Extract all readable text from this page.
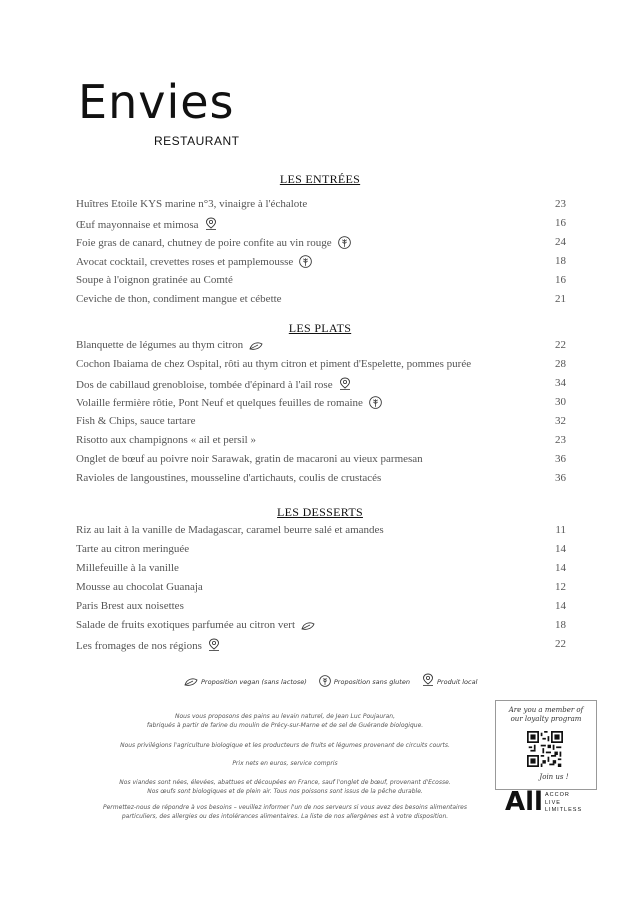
Envies
RESTAURANT
LES ENTRÉES
Huîtres Etoile KYS marine n°3, vinaigre à l'échalote	23
Œuf mayonnaise et mimosa	16
Foie gras de canard, chutney de poire confite au vin rouge	24
Avocat cocktail, crevettes roses et pamplemousse	18
Soupe à l'oignon gratinée au Comté	16
Ceviche de thon, condiment mangue et cébette	21
LES PLATS
Blanquette de légumes au thym citron	22
Cochon Ibaiama de chez Ospital, rôti au thym citron et piment d'Espelette, pommes purée	28
Dos de cabillaud grenobloise, tombée d'épinard à l'ail rose	34
Volaille fermière rôtie, Pont Neuf et quelques feuilles de romaine	30
Fish & Chips, sauce tartare	32
Risotto aux champignons « ail et persil »	23
Onglet de bœuf au poivre noir Sarawak, gratin de macaroni au vieux parmesan	36
Ravioles de langoustines, mousseline d'artichauts, coulis de crustacés	36
LES DESSERTS
Riz au lait à la vanille de Madagascar, caramel beurre salé et amandes	11
Tarte au citron meringuée	14
Millefeuille à la vanille	14
Mousse au chocolat Guanaja	12
Paris Brest aux noisettes	14
Salade de fruits exotiques parfumée au citron vert	18
Les fromages de nos régions	22
Proposition vegan (sans lactose)	Proposition sans gluten	Produit local
Nous vous proposons des pains au levain naturel, de Jean Luc Poujauran,
fabriqués à partir de farine du moulin de Précy-sur-Marne et de sel de Guérande biologique.
Nous privilégions l'agriculture biologique et les producteurs de fruits et légumes provenant de circuits courts.
Prix nets en euros, service compris
Nos viandes sont nées, élevées, abattues et découpées en France, sauf l'onglet de bœuf, provenant d'Ecosse.
Nos œufs sont biologiques et de plein air. Tous nos poissons sont issus de la pêche durable.
Permettez-nous de répondre à vos besoins – veuillez informer l'un de nos serveurs si vous avez des besoins alimentaires
particuliers, des allergies ou des intolérances alimentaires. La liste de nos allergènes est à votre disposition.
Are you a member of
our loyalty program
Join us !
All ACCOR
LIVE
LIMITLESS
